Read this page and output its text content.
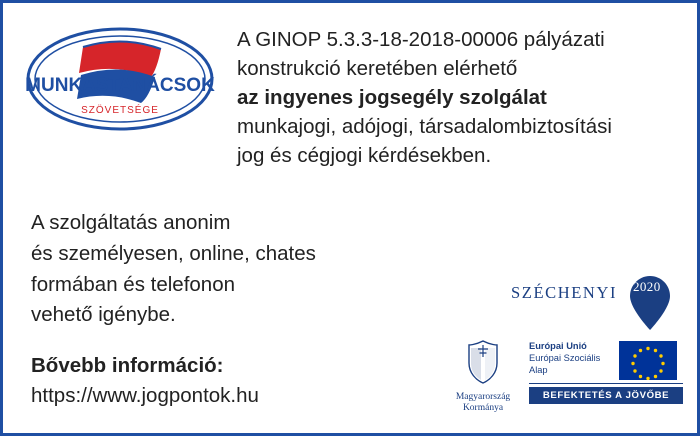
MUNKÁSTANÁCSOK
SZÖVETSÉGE
A GINOP 5.3.3-18-2018-00006 pályázati
konstrukció keretében elérhető
az ingyenes jogsegély szolgálat
munkajogi, adójogi, társadalombiztosítási
jog és cégjogi kérdésekben.
A szolgáltatás anonim
és személyesen, online, chates
formában és telefonon
vehető igénybe.
Bővebb információ:
https://www.jogpontok.hu
SZÉCHENYI 2020
Magyarország
Kormánya
Európai Unió
Európai Szociális
Alap
BEFEKTETÉS A JÖVŐBE
